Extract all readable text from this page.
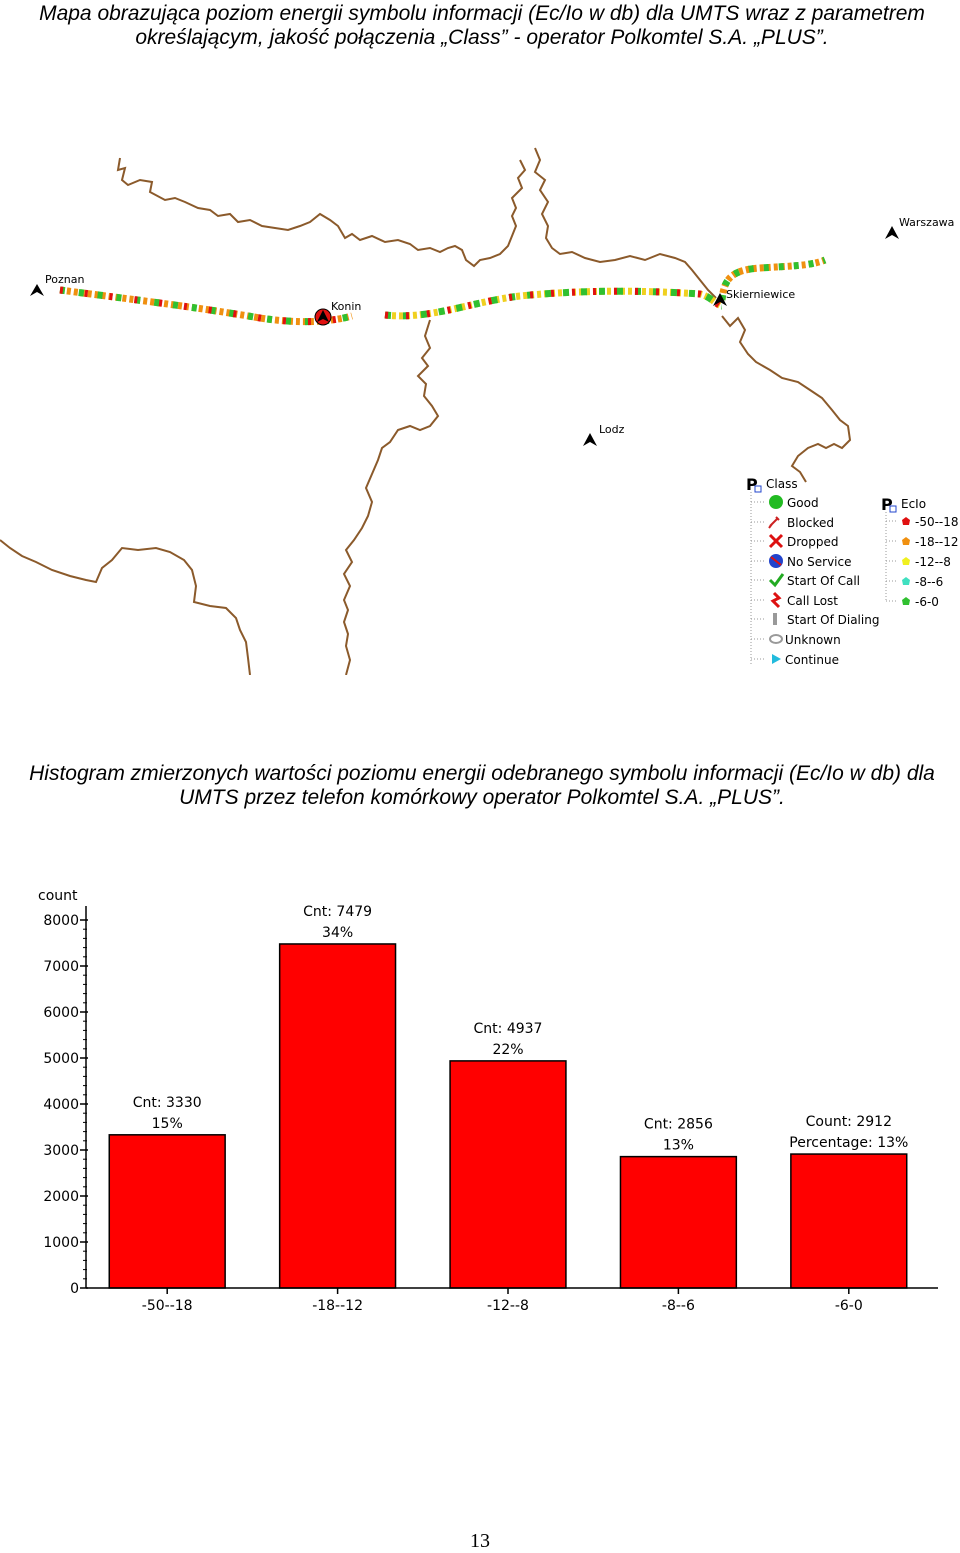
Mapa obrazująca poziom energii symbolu informacji (Ec/Io w db) dla UMTS wraz z parametrem określającym, jakość połączenia „Class” - operator Polkomtel S.A. „PLUS”.
Poznan
Konin
Skierniewice
Warszawa
Lodz
P Class
Good
Blocked
Dropped
No Service
Start Of Call
Call Lost
Start Of Dialing
Unknown
Continue
P EcIo
-50--18
-18--12
-12--8
-8--6
-6-0
Histogram zmierzonych wartości poziomu energii odebranego symbolu informacji (Ec/Io w db) dla UMTS przez telefon komórkowy operator Polkomtel S.A. „PLUS”.
count
0
1000
2000
3000
4000
5000
6000
7000
8000
Cnt: 3330
15%
Cnt: 7479
34%
Cnt: 4937
22%
Cnt: 2856
13%
Count: 2912
Percentage: 13%
-50--18	-18--12	-12--8	-8--6	-6-0
13
